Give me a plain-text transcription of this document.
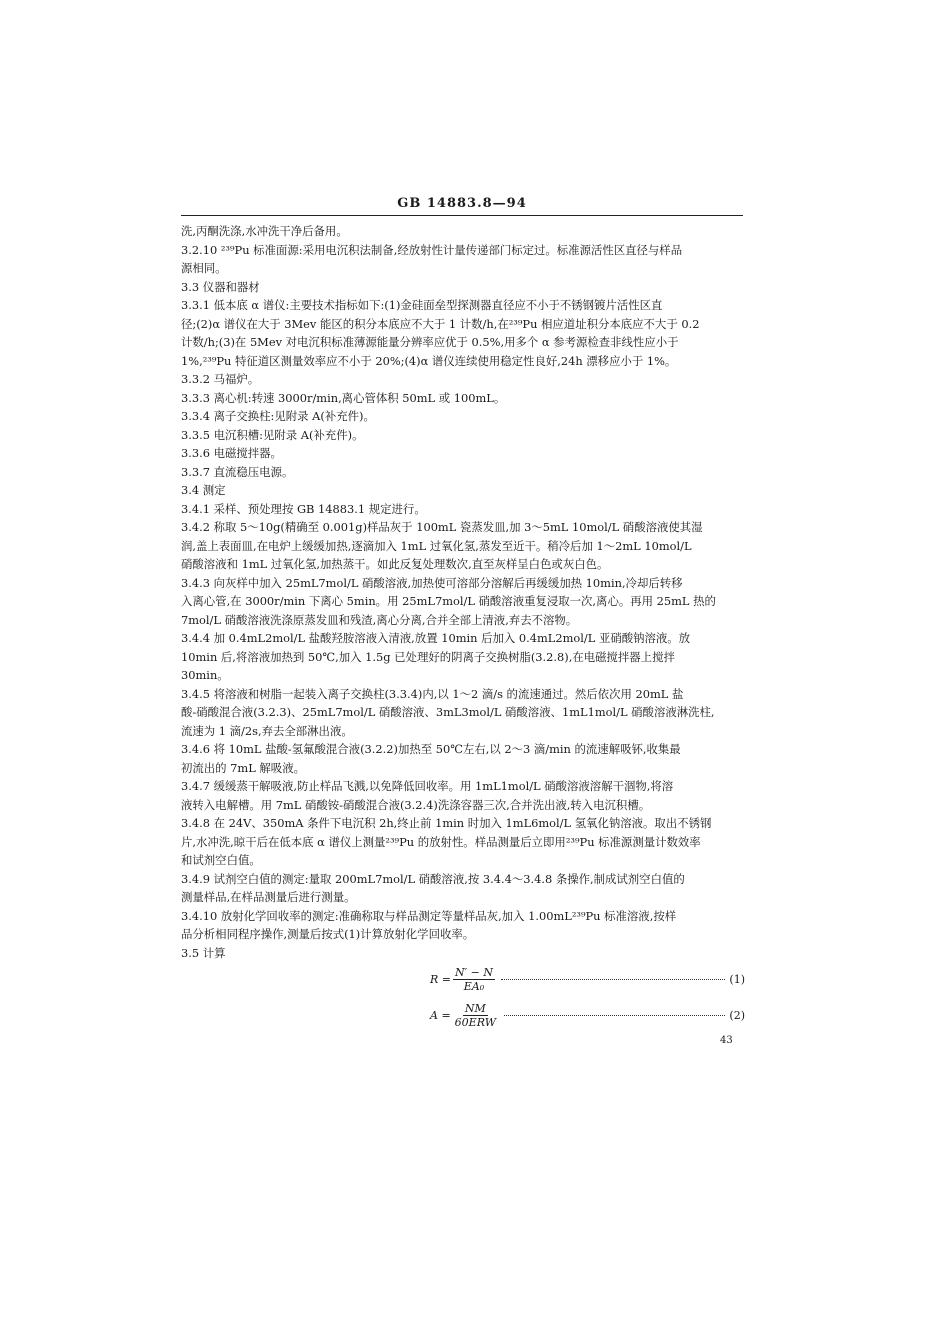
GB 14883.8—94
洗,丙酮洗涤,水冲洗干净后备用。
3.2.10 ²³⁹Pu 标准面源:采用电沉积法制备,经放射性计量传递部门标定过。标准源活性区直径与样品
源相同。
3.3 仪器和器材
3.3.1 低本底 α 谱仪:主要技术指标如下:(1)金硅面垒型探测器直径应不小于不锈钢镀片活性区直
径;(2)α 谱仪在大于 3Mev 能区的积分本底应不大于 1 计数/h,在²³⁹Pu 相应道址积分本底应不大于 0.2
计数/h;(3)在 5Mev 对电沉积标准薄源能量分辨率应优于 0.5%,用多个 α 参考源检查非线性应小于
1%,²³⁹Pu 特征道区测量效率应不小于 20%;(4)α 谱仪连续使用稳定性良好,24h 漂移应小于 1%。
3.3.2 马福炉。
3.3.3 离心机:转速 3000r/min,离心管体积 50mL 或 100mL。
3.3.4 离子交换柱:见附录 A(补充件)。
3.3.5 电沉积槽:见附录 A(补充件)。
3.3.6 电磁搅拌器。
3.3.7 直流稳压电源。
3.4 测定
3.4.1 采样、预处理按 GB 14883.1 规定进行。
3.4.2 称取 5～10g(精确至 0.001g)样品灰于 100mL 瓷蒸发皿,加 3～5mL 10mol/L 硝酸溶液使其湿
润,盖上表面皿,在电炉上缓缓加热,逐滴加入 1mL 过氧化氢,蒸发至近干。稍冷后加 1～2mL 10mol/L
硝酸溶液和 1mL 过氧化氢,加热蒸干。如此反复处理数次,直至灰样呈白色或灰白色。
3.4.3 向灰样中加入 25mL7mol/L 硝酸溶液,加热使可溶部分溶解后再缓缓加热 10min,冷却后转移
入离心管,在 3000r/min 下离心 5min。用 25mL7mol/L 硝酸溶液重复浸取一次,离心。再用 25mL 热的
7mol/L 硝酸溶液洗涤原蒸发皿和残渣,离心分离,合并全部上清液,弃去不溶物。
3.4.4 加 0.4mL2mol/L 盐酸羟胺溶液入清液,放置 10min 后加入 0.4mL2mol/L 亚硝酸钠溶液。放
10min 后,将溶液加热到 50℃,加入 1.5g 已处理好的阴离子交换树脂(3.2.8),在电磁搅拌器上搅拌
30min。
3.4.5 将溶液和树脂一起装入离子交换柱(3.3.4)内,以 1～2 滴/s 的流速通过。然后依次用 20mL 盐
酸-硝酸混合液(3.2.3)、25mL7mol/L 硝酸溶液、3mL3mol/L 硝酸溶液、1mL1mol/L 硝酸溶液淋洗柱,
流速为 1 滴/2s,弃去全部淋出液。
3.4.6 将 10mL 盐酸-氢氟酸混合液(3.2.2)加热至 50℃左右,以 2～3 滴/min 的流速解吸钚,收集最
初流出的 7mL 解吸液。
3.4.7 缓缓蒸干解吸液,防止样品飞溅,以免降低回收率。用 1mL1mol/L 硝酸溶液溶解干涸物,将溶
液转入电解槽。用 7mL 硝酸铵-硝酸混合液(3.2.4)洗涤容器三次,合并洗出液,转入电沉积槽。
3.4.8 在 24V、350mA 条件下电沉积 2h,终止前 1min 时加入 1mL6mol/L 氢氧化钠溶液。取出不锈钢
片,水冲洗,晾干后在低本底 α 谱仪上测量²³⁹Pu 的放射性。样品测量后立即用²³⁹Pu 标准源测量计数效率
和试剂空白值。
3.4.9 试剂空白值的测定:量取 200mL7mol/L 硝酸溶液,按 3.4.4～3.4.8 条操作,制成试剂空白值的
测量样品,在样品测量后进行测量。
3.4.10 放射化学回收率的测定:准确称取与样品测定等量样品灰,加入 1.00mL²³⁹Pu 标准溶液,按样
品分析相同程序操作,测量后按式(1)计算放射化学回收率。
3.5 计算
$R = \frac{N' - N}{\text{EA₀}}$	(1)
$A = \frac{NM}{\text{60ERW}}$	(2)
43
